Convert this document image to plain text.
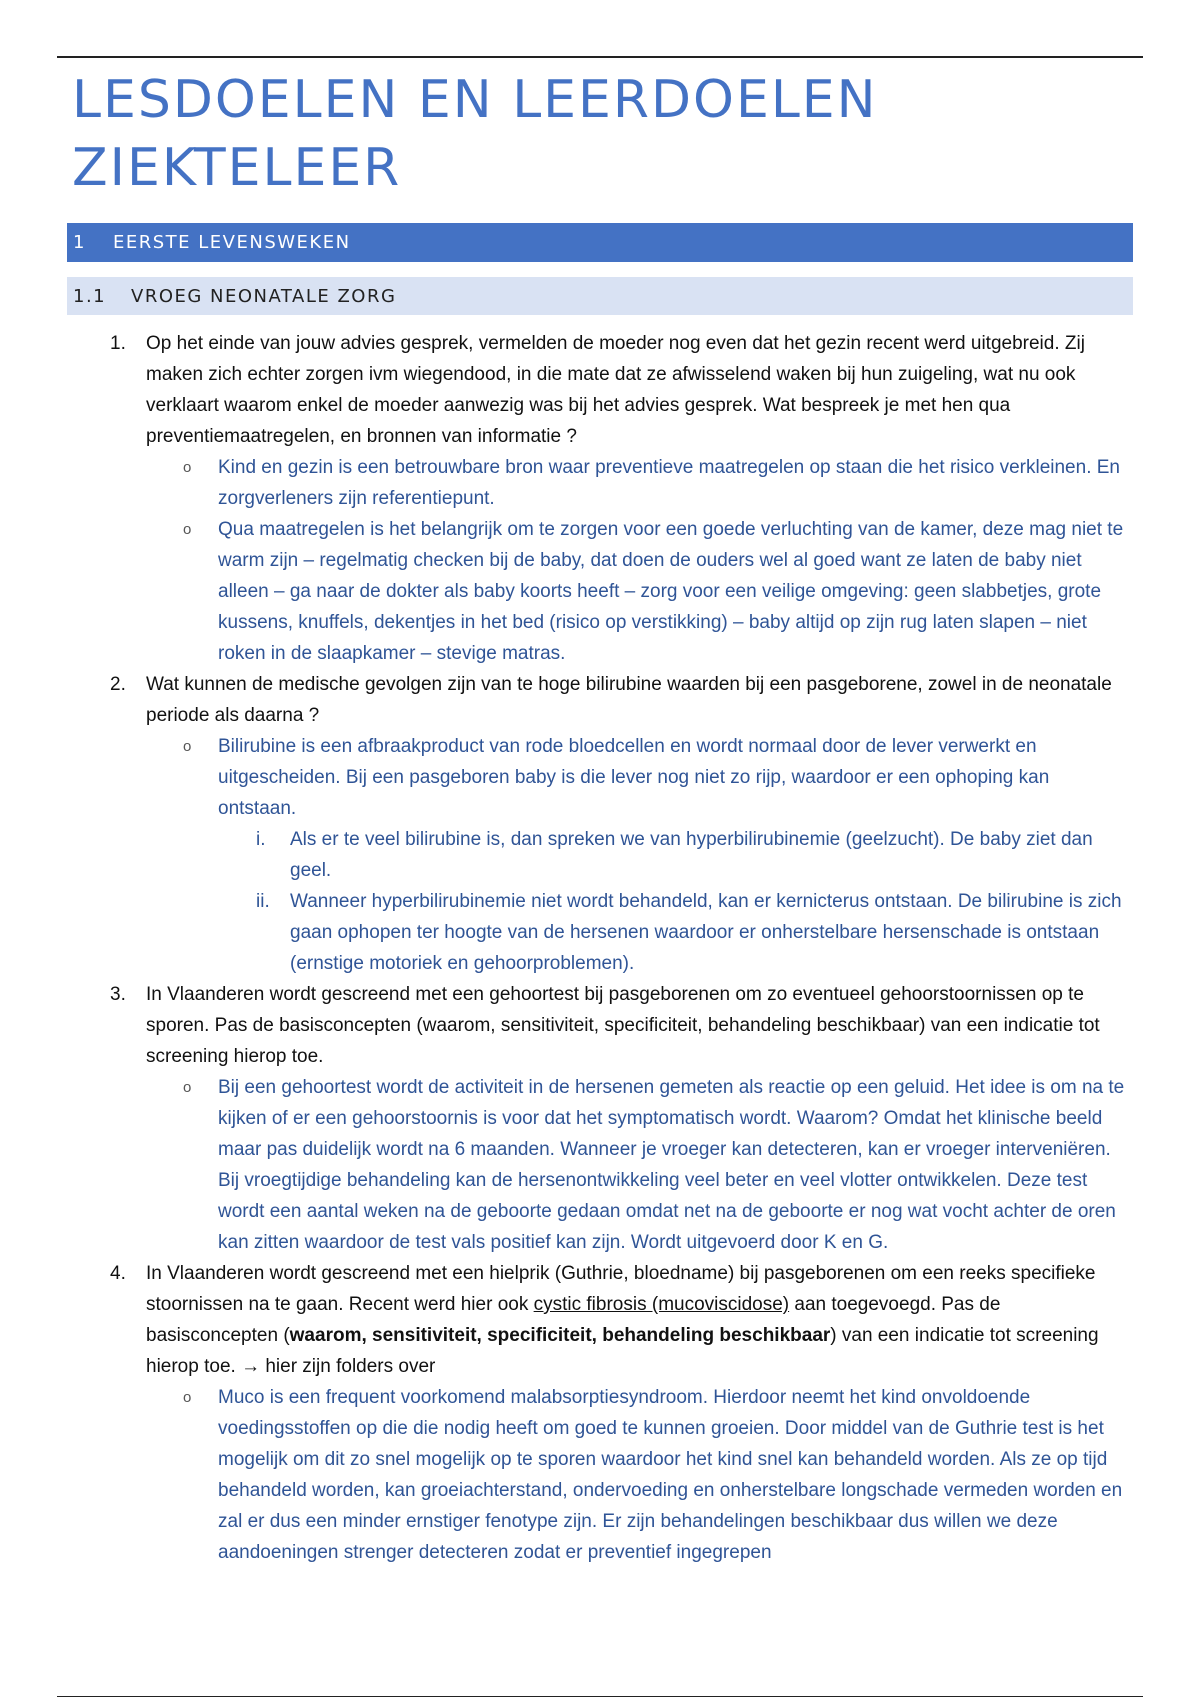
LESDOELEN EN LEERDOELEN ZIEKTELEER
1	EERSTE LEVENSWEKEN
1.1	VROEG NEONATALE ZORG
1. Op het einde van jouw advies gesprek, vermelden de moeder nog even dat het gezin recent werd uitgebreid. Zij maken zich echter zorgen ivm wiegendood, in die mate dat ze afwisselend waken bij hun zuigeling, wat nu ook verklaart waarom enkel de moeder aanwezig was bij het advies gesprek. Wat bespreek je met hen qua preventiemaatregelen, en bronnen van informatie ?
o Kind en gezin is een betrouwbare bron waar preventieve maatregelen op staan die het risico verkleinen. En zorgverleners zijn referentiepunt.
o Qua maatregelen is het belangrijk om te zorgen voor een goede verluchting van de kamer, deze mag niet te warm zijn – regelmatig checken bij de baby, dat doen de ouders wel al goed want ze laten de baby niet alleen – ga naar de dokter als baby koorts heeft – zorg voor een veilige omgeving: geen slabbetjes, grote kussens, knuffels, dekentjes in het bed (risico op verstikking) – baby altijd op zijn rug laten slapen – niet roken in de slaapkamer – stevige matras.
2. Wat kunnen de medische gevolgen zijn van te hoge bilirubine waarden bij een pasgeborene, zowel in de neonatale periode als daarna ?
o Bilirubine is een afbraakproduct van rode bloedcellen en wordt normaal door de lever verwerkt en uitgescheiden. Bij een pasgeboren baby is die lever nog niet zo rijp, waardoor er een ophoping kan ontstaan.
i. Als er te veel bilirubine is, dan spreken we van hyperbilirubinemie (geelzucht). De baby ziet dan geel.
ii. Wanneer hyperbilirubinemie niet wordt behandeld, kan er kernicterus ontstaan. De bilirubine is zich gaan ophopen ter hoogte van de hersenen waardoor er onherstelbare hersenschade is ontstaan (ernstige motoriek en gehoorproblemen).
3. In Vlaanderen wordt gescreend met een gehoortest bij pasgeborenen om zo eventueel gehoorstoornissen op te sporen. Pas de basisconcepten (waarom, sensitiviteit, specificiteit, behandeling beschikbaar) van een indicatie tot screening hierop toe.
o Bij een gehoortest wordt de activiteit in de hersenen gemeten als reactie op een geluid. Het idee is om na te kijken of er een gehoorstoornis is voor dat het symptomatisch wordt. Waarom? Omdat het klinische beeld maar pas duidelijk wordt na 6 maanden. Wanneer je vroeger kan detecteren, kan er vroeger interveniëren. Bij vroegtijdige behandeling kan de hersenontwikkeling veel beter en veel vlotter ontwikkelen. Deze test wordt een aantal weken na de geboorte gedaan omdat net na de geboorte er nog wat vocht achter de oren kan zitten waardoor de test vals positief kan zijn. Wordt uitgevoerd door K en G.
4. In Vlaanderen wordt gescreend met een hielprik (Guthrie, bloedname) bij pasgeborenen om een reeks specifieke stoornissen na te gaan. Recent werd hier ook cystic fibrosis (mucoviscidose) aan toegevoegd. Pas de basisconcepten (waarom, sensitiviteit, specificiteit, behandeling beschikbaar) van een indicatie tot screening hierop toe. → hier zijn folders over
o Muco is een frequent voorkomend malabsorptiesyndroom. Hierdoor neemt het kind onvoldoende voedingsstoffen op die die nodig heeft om goed te kunnen groeien. Door middel van de Guthrie test is het mogelijk om dit zo snel mogelijk op te sporen waardoor het kind snel kan behandeld worden. Als ze op tijd behandeld worden, kan groeiachterstand, ondervoeding en onherstelbare longschade vermeden worden en zal er dus een minder ernstiger fenotype zijn. Er zijn behandelingen beschikbaar dus willen we deze aandoeningen strenger detecteren zodat er preventief ingegrepen
